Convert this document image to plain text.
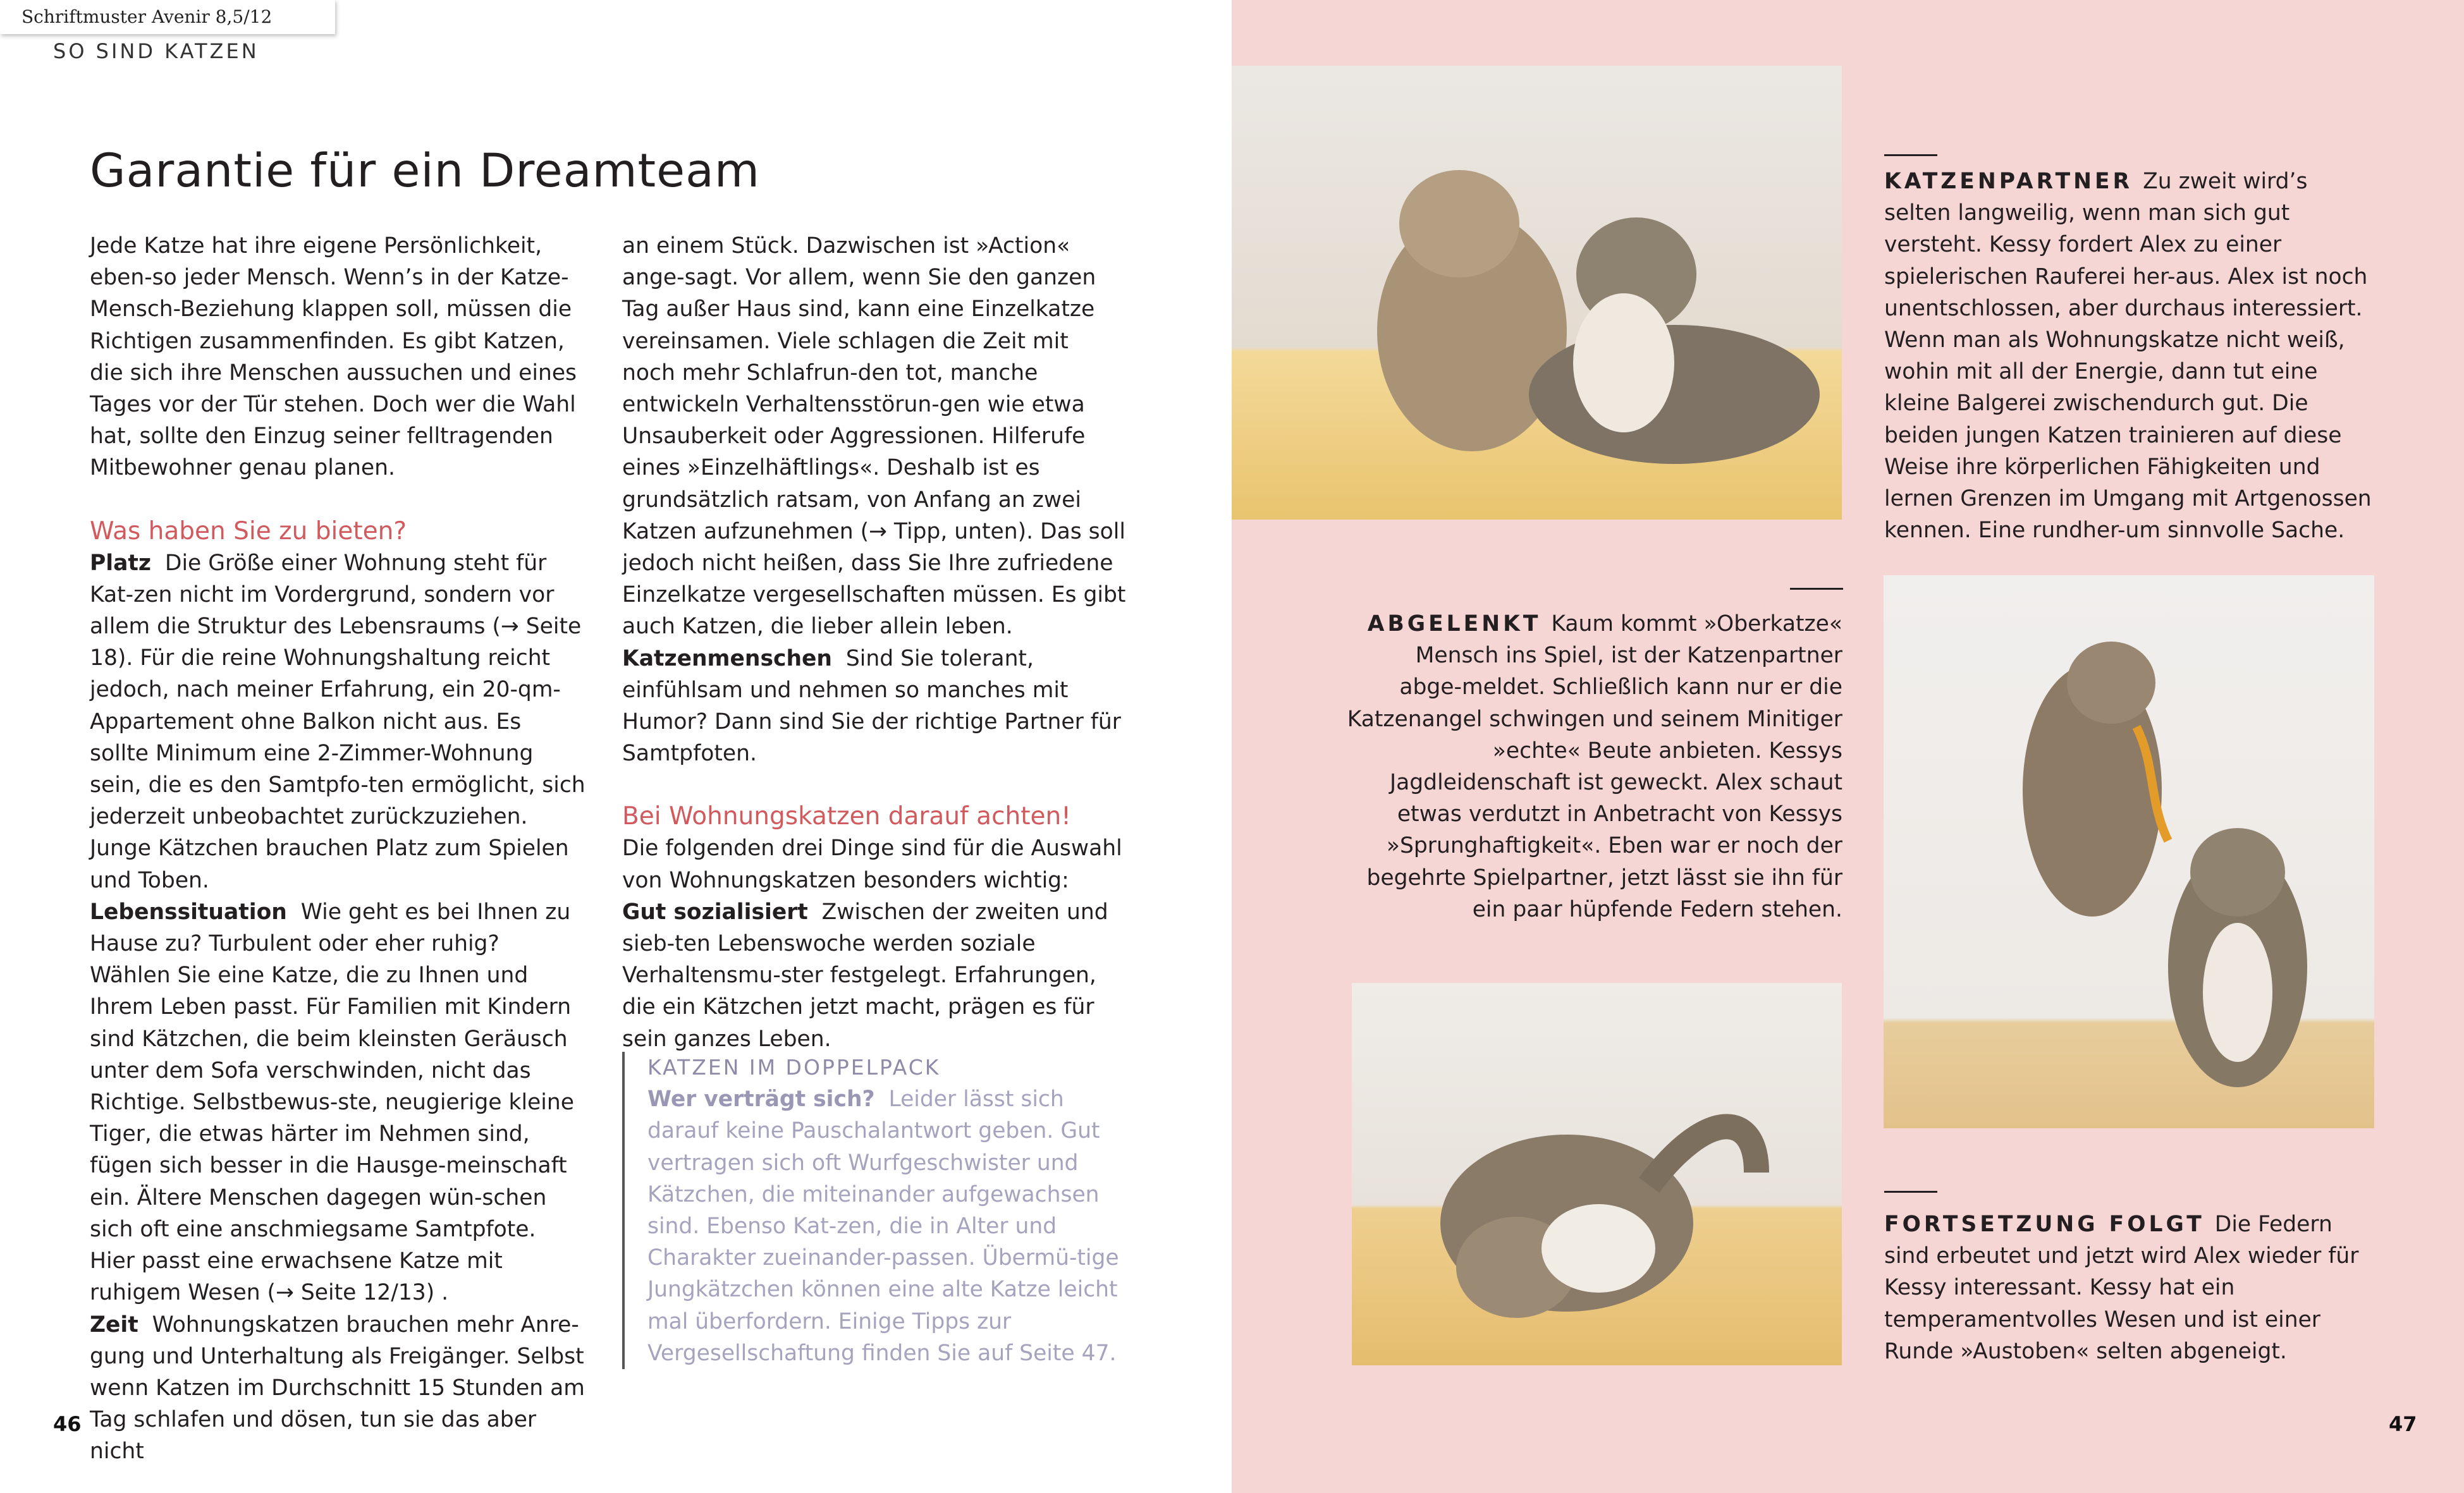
Schriftmuster Avenir 8,5/12
SO SIND KATZEN
Garantie für ein Dreamteam

Jede Katze hat ihre eigene Persönlichkeit, eben-so jeder Mensch. Wenn’s in der Katze-Mensch-Beziehung klappen soll, müssen die Richtigen zusammenfinden. Es gibt Katzen, die sich ihre Menschen aussuchen und eines Tages vor der Tür stehen. Doch wer die Wahl hat, sollte den Einzug seiner felltragenden Mitbewohner genau planen.

Was haben Sie zu bieten?

Platz Die Größe einer Wohnung steht für Kat-zen nicht im Vordergrund, sondern vor allem die Struktur des Lebensraums (→ Seite 18). Für die reine Wohnungshaltung reicht jedoch, nach meiner Erfahrung, ein 20-qm-Appartement ohne Balkon nicht aus. Es sollte Minimum eine 2-Zimmer-Wohnung sein, die es den Samtpfo-ten ermöglicht, sich jederzeit unbeobachtet zurückzuziehen. Junge Kätzchen brauchen Platz zum Spielen und Toben.

Lebenssituation Wie geht es bei Ihnen zu Hause zu? Turbulent oder eher ruhig? Wählen Sie eine Katze, die zu Ihnen und Ihrem Leben passt. Für Familien mit Kindern sind Kätzchen, die beim kleinsten Geräusch unter dem Sofa verschwinden, nicht das Richtige. Selbstbewus-ste, neugierige kleine Tiger, die etwas härter im Nehmen sind, fügen sich besser in die Hausge-meinschaft ein. Ältere Menschen dagegen wün-schen sich oft eine anschmiegsame Samtpfote. Hier passt eine erwachsene Katze mit ruhigem Wesen (→ Seite 12/13) .

Zeit Wohnungskatzen brauchen mehr Anre-gung und Unterhaltung als Freigänger. Selbst wenn Katzen im Durchschnitt 15 Stunden am Tag schlafen und dösen, tun sie das aber nicht

an einem Stück. Dazwischen ist »Action« ange-sagt. Vor allem, wenn Sie den ganzen Tag außer Haus sind, kann eine Einzelkatze vereinsamen. Viele schlagen die Zeit mit noch mehr Schlafrun-den tot, manche entwickeln Verhaltensstörun-gen wie etwa Unsauberkeit oder Aggressionen. Hilferufe eines »Einzelhäftlings«. Deshalb ist es grundsätzlich ratsam, von Anfang an zwei Katzen aufzunehmen (→ Tipp, unten). Das soll jedoch nicht heißen, dass Sie Ihre zufriedene Einzelkatze vergesellschaften müssen. Es gibt auch Katzen, die lieber allein leben.

Katzenmenschen Sind Sie tolerant, einfühlsam und nehmen so manches mit Humor? Dann sind Sie der richtige Partner für Samtpfoten.

Bei Wohnungskatzen darauf achten!

Die folgenden drei Dinge sind für die Auswahl von Wohnungskatzen besonders wichtig:

Gut sozialisiert Zwischen der zweiten und sieb-ten Lebenswoche werden soziale Verhaltensmu-ster festgelegt. Erfahrungen, die ein Kätzchen jetzt macht, prägen es für sein ganzes Leben.

KATZEN IM DOPPELPACK
Wer verträgt sich? Leider lässt sich darauf keine Pauschalantwort geben. Gut vertragen sich oft Wurfgeschwister und Kätzchen, die miteinander aufgewachsen sind. Ebenso Kat-zen, die in Alter und Charakter zueinander-passen. Übermü-tige Jungkätzchen können eine alte Katze leicht mal überfordern. Einige Tipps zur Vergesellschaftung finden Sie auf Seite 47.
KATZENPARTNER Zu zweit wird’s selten langweilig, wenn man sich gut versteht. Kessy fordert Alex zu einer spielerischen Rauferei her-aus. Alex ist noch unentschlossen, aber durchaus interessiert. Wenn man als Wohnungskatze nicht weiß, wohin mit all der Energie, dann tut eine kleine Balgerei zwischendurch gut. Die beiden jungen Katzen trainieren auf diese Weise ihre körperlichen Fähigkeiten und lernen Grenzen im Umgang mit Artgenossen kennen. Eine rundher-um sinnvolle Sache.
ABGELENKT Kaum kommt »Oberkatze« Mensch ins Spiel, ist der Katzenpartner abge-meldet. Schließlich kann nur er die Katzenangel schwingen und seinem Minitiger »echte« Beute anbieten. Kessys Jagdleidenschaft ist geweckt. Alex schaut etwas verdutzt in Anbetracht von Kessys »Sprunghaftigkeit«. Eben war er noch der begehrte Spielpartner, jetzt lässt sie ihn für ein paar hüpfende Federn stehen.
FORTSETZUNG FOLGT Die Federn sind erbeutet und jetzt wird Alex wieder für Kessy interessant. Kessy hat ein temperamentvolles Wesen und ist einer Runde »Austoben« selten abgeneigt.
46	47
